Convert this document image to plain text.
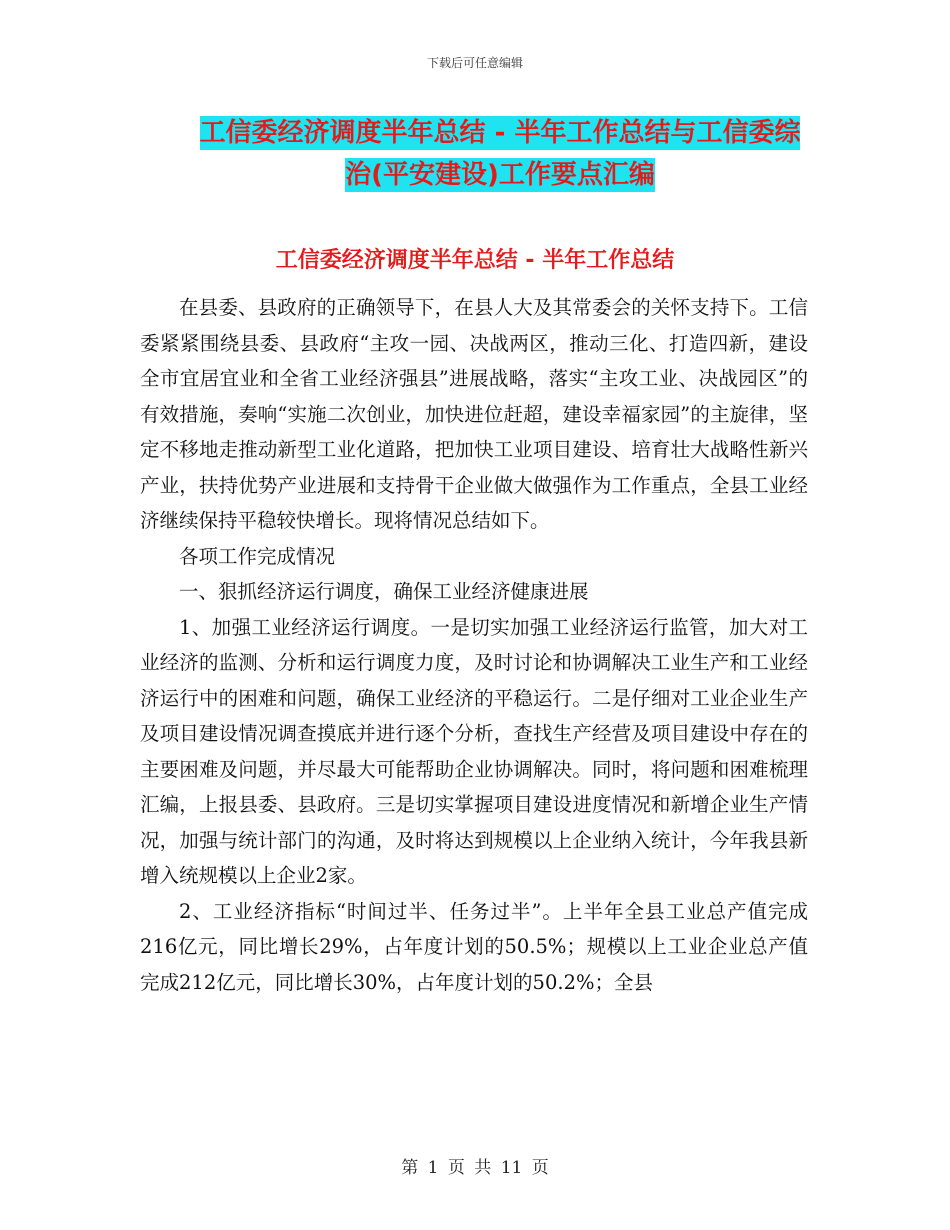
下载后可任意编辑
工信委经济调度半年总结 - 半年工作总结与工信委综
治(平安建设)工作要点汇编
工信委经济调度半年总结 - 半年工作总结

在县委、县政府的正确领导下，在县人大及其常委会的关怀支持下。工信委紧紧围绕县委、县政府“主攻一园、决战两区，推动三化、打造四新，建设全市宜居宜业和全省工业经济强县”进展战略，落实“主攻工业、决战园区”的有效措施，奏响“实施二次创业，加快进位赶超，建设幸福家园”的主旋律，坚定不移地走推动新型工业化道路，把加快工业项目建设、培育壮大战略性新兴产业，扶持优势产业进展和支持骨干企业做大做强作为工作重点，全县工业经济继续保持平稳较快增长。现将情况总结如下。

各项工作完成情况

一、狠抓经济运行调度，确保工业经济健康进展

1、加强工业经济运行调度。一是切实加强工业经济运行监管，加大对工业经济的监测、分析和运行调度力度，及时讨论和协调解决工业生产和工业经济运行中的困难和问题，确保工业经济的平稳运行。二是仔细对工业企业生产及项目建设情况调查摸底并进行逐个分析，查找生产经营及项目建设中存在的主要困难及问题，并尽最大可能帮助企业协调解决。同时，将问题和困难梳理汇编，上报县委、县政府。三是切实掌握项目建设进度情况和新增企业生产情况，加强与统计部门的沟通，及时将达到规模以上企业纳入统计，今年我县新增入统规模以上企业2家。

2、工业经济指标“时间过半、任务过半”。上半年全县工业总产值完成216亿元，同比增长29%，占年度计划的50.5%；规模以上工业企业总产值完成212亿元，同比增长30%，占年度计划的50.2%；全县

第 1 页 共 11 页
